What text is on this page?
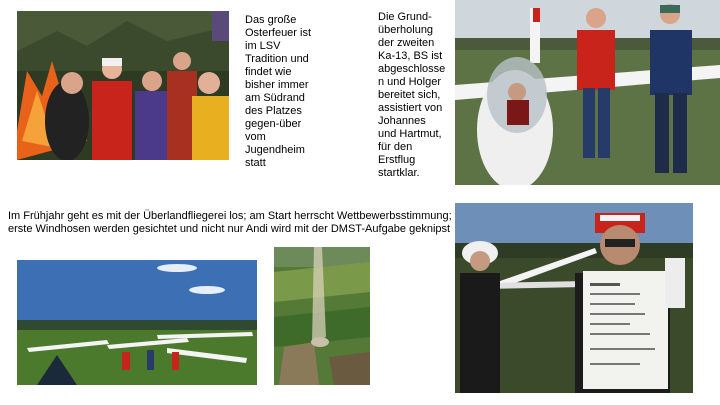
Das große
Osterfeuer ist
im LSV
Tradition und
findet wie
bisher immer
am Südrand
des Platzes
gegen-über
vom
Jugendheim
statt
Die Grund-
überholung
der zweiten
Ka-13, BS ist
abgeschlosse
n und Holger
bereitet sich,
assistiert von
Johannes
und Hartmut,
für den
Erstflug
startklar.
Im Frühjahr geht es mit der Überlandfliegerei los; am Start herrscht Wettbewerbsstimmung; erste Windhosen werden gesichtet und nicht nur Andi wird mit der DMST-Aufgabe geknipst
